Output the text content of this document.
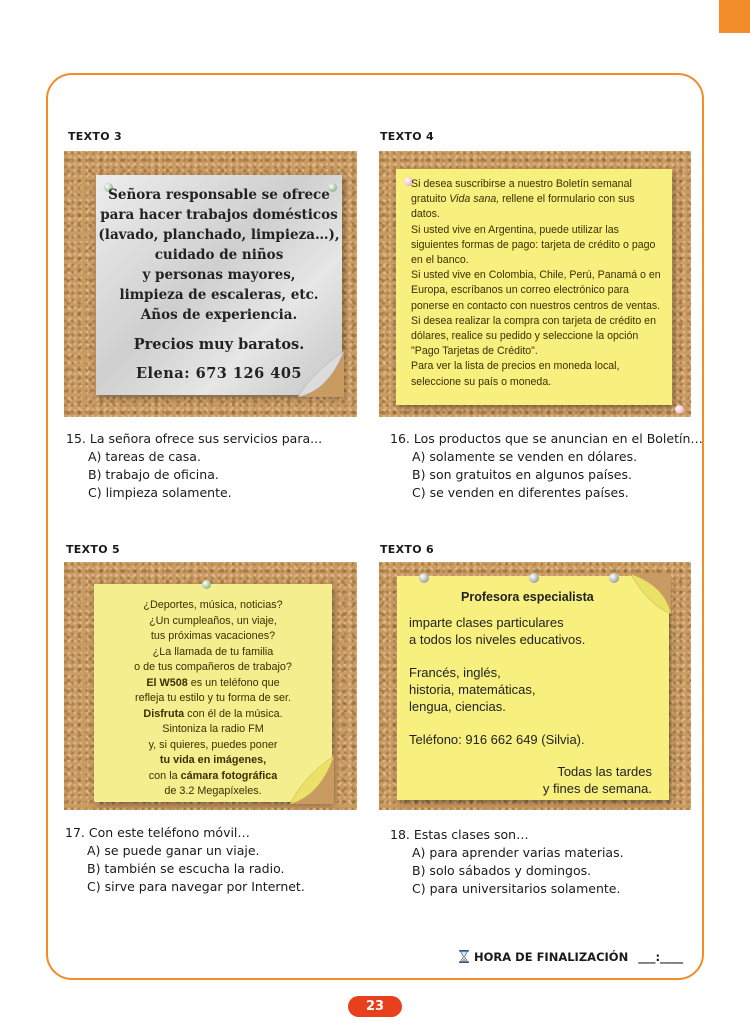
TEXTO 3
Señora responsable se ofrece
para hacer trabajos domésticos
(lavado, planchado, limpieza…),
cuidado de niños
y personas mayores,
limpieza de escaleras, etc.
Años de experiencia.
Precios muy baratos.
Elena: 673 126 405
15. La señora ofrece sus servicios para...
A) tareas de casa.
B) trabajo de oficina.
C) limpieza solamente.
TEXTO 4
Si desea suscribirse a nuestro Boletín semanal
gratuito Vida sana, rellene el formulario con sus
datos.
Si usted vive en Argentina, puede utilizar las
siguientes formas de pago: tarjeta de crédito o pago
en el banco.
Si usted vive en Colombia, Chile, Perú, Panamá o en
Europa, escríbanos un correo electrónico para
ponerse en contacto con nuestros centros de ventas.
Si desea realizar la compra con tarjeta de crédito en
dólares, realice su pedido y seleccione la opción
"Pago Tarjetas de Crédito".
Para ver la lista de precios en moneda local,
seleccione su país o moneda.
16. Los productos que se anuncian en el Boletín…
A) solamente se venden en dólares.
B) son gratuitos en algunos países.
C) se venden en diferentes países.
TEXTO 5
¿Deportes, música, noticias?
¿Un cumpleaños, un viaje,
tus próximas vacaciones?
¿La llamada de tu familia
o de tus compañeros de trabajo?
El W508 es un teléfono que
refleja tu estilo y tu forma de ser.
Disfruta con él de la música.
Sintoniza la radio FM
y, si quieres, puedes poner
tu vida en imágenes,
con la cámara fotográfica
de 3.2 Megapíxeles.
17. Con este teléfono móvil…
A) se puede ganar un viaje.
B) también se escucha la radio.
C) sirve para navegar por Internet.
TEXTO 6
Profesora especialista
imparte clases particulares
a todos los niveles educativos.
Francés, inglés,
historia, matemáticas,
lengua, ciencias.
Teléfono: 916 662 649 (Silvia).
Todas las tardes
y fines de semana.
18. Estas clases son…
A) para aprender varias materias.
B) solo sábados y domingos.
C) para universitarios solamente.
HORA DE FINALIZACIÓN ___:____
23
